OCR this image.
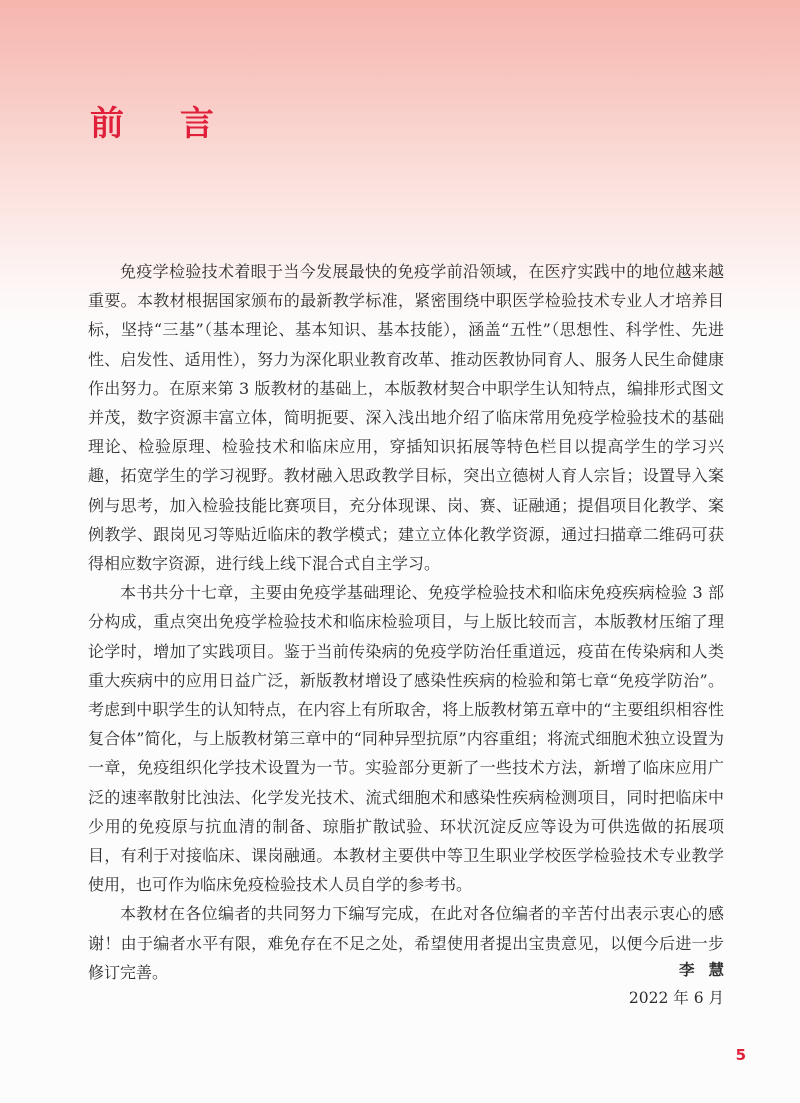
前 言

免疫学检验技术着眼于当今发展最快的免疫学前沿领域，在医疗实践中的地位越来越重要。本教材根据国家颁布的最新教学标准，紧密围绕中职医学检验技术专业人才培养目标，坚持“三基”（基本理论、基本知识、基本技能），涵盖“五性”（思想性、科学性、先进性、启发性、适用性），努力为深化职业教育改革、推动医教协同育人、服务人民生命健康作出努力。在原来第 3 版教材的基础上，本版教材契合中职学生认知特点，编排形式图文并茂，数字资源丰富立体，简明扼要、深入浅出地介绍了临床常用免疫学检验技术的基础理论、检验原理、检验技术和临床应用，穿插知识拓展等特色栏目以提高学生的学习兴趣，拓宽学生的学习视野。教材融入思政教学目标，突出立德树人育人宗旨；设置导入案例与思考，加入检验技能比赛项目，充分体现课、岗、赛、证融通；提倡项目化教学、案例教学、跟岗见习等贴近临床的教学模式；建立立体化教学资源，通过扫描章二维码可获得相应数字资源，进行线上线下混合式自主学习。

本书共分十七章，主要由免疫学基础理论、免疫学检验技术和临床免疫疾病检验 3 部分构成，重点突出免疫学检验技术和临床检验项目，与上版比较而言，本版教材压缩了理论学时，增加了实践项目。鉴于当前传染病的免疫学防治任重道远，疫苗在传染病和人类重大疾病中的应用日益广泛，新版教材增设了感染性疾病的检验和第七章“免疫学防治”。考虑到中职学生的认知特点，在内容上有所取舍，将上版教材第五章中的“主要组织相容性复合体”简化，与上版教材第三章中的“同种异型抗原”内容重组；将流式细胞术独立设置为一章，免疫组织化学技术设置为一节。实验部分更新了一些技术方法，新增了临床应用广泛的速率散射比浊法、化学发光技术、流式细胞术和感染性疾病检测项目，同时把临床中少用的免疫原与抗血清的制备、琼脂扩散试验、环状沉淀反应等设为可供选做的拓展项目，有利于对接临床、课岗融通。本教材主要供中等卫生职业学校医学检验技术专业教学使用，也可作为临床免疫检验技术人员自学的参考书。

本教材在各位编者的共同努力下编写完成，在此对各位编者的辛苦付出表示衷心的感谢！由于编者水平有限，难免存在不足之处，希望使用者提出宝贵意见，以便今后进一步修订完善。	李慧
2022 年 6 月
5
